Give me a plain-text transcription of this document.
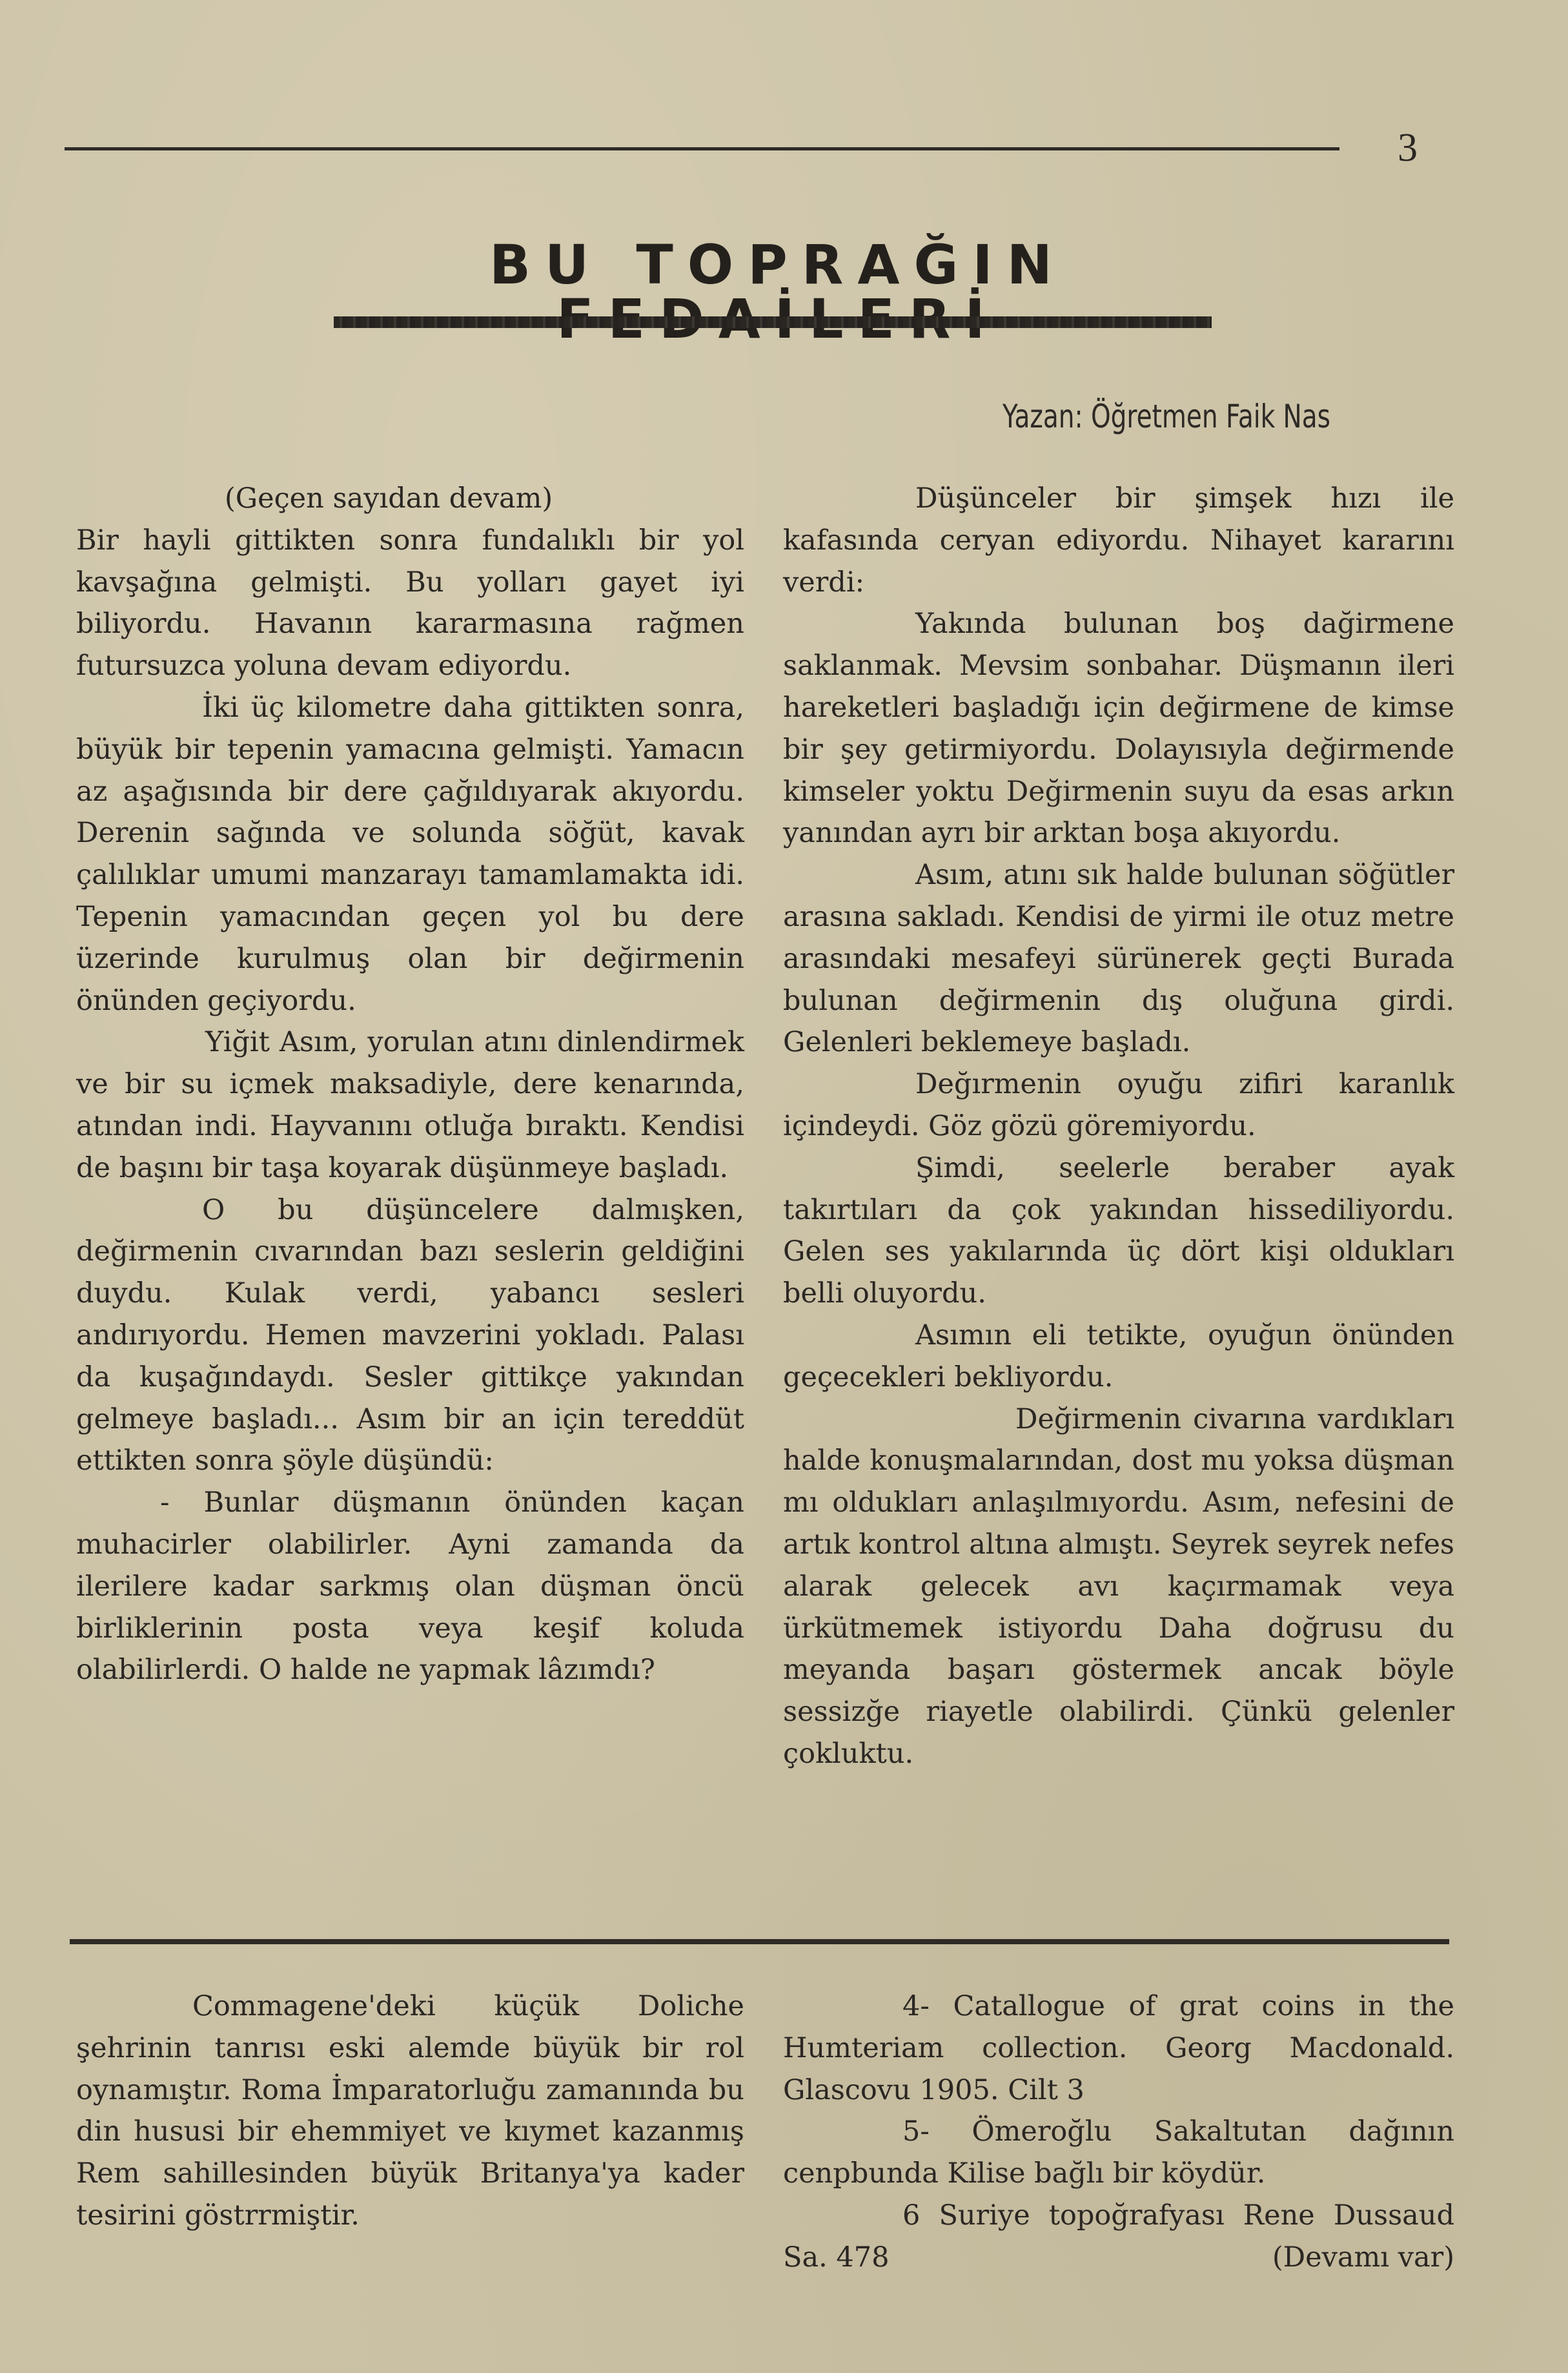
3
BU TOPRAĞIN
Yazan: Öğretmen Faik Nas

(Geçen sayıdan devam)

Bir hayli gittikten sonra fundalıklı bir yol kavşağına gelmişti. Bu yolları gayet iyi biliyordu. Havanın kararmasına rağmen futursuzca yoluna devam ediyordu.

İki üç kilometre daha gittikten sonra, büyük bir tepenin yamacına gelmişti. Yamacın az aşağısında bir dere çağıldıyarak akıyordu. Derenin sağında ve solunda söğüt, kavak çalılıklar umumi manzarayı tamamlamakta idi. Tepenin yamacından geçen yol bu dere üzerinde kurulmuş olan bir değirmenin önünden geçiyordu.

Yiğit Asım, yorulan atını dinlendirmek ve bir su içmek maksadiyle, dere kenarında, atından indi. Hayvanını otluğa bıraktı. Kendisi de başını bir taşa koyarak düşünmeye başladı.

O bu düşüncelere dalmışken, değirmenin cıvarından bazı seslerin geldiğini duydu. Kulak verdi, yabancı sesleri andırıyordu. Hemen mavzerini yokladı. Palası da kuşağındaydı. Sesler gittikçe yakından gelmeye başladı... Asım bir an için tereddüt ettikten sonra şöyle düşündü:

- Bunlar düşmanın önünden kaçan muhacirler olabilirler. Ayni zamanda da ilerilere kadar sarkmış olan düşman öncü birliklerinin posta veya keşif koluda olabilirlerdi. O halde ne yapmak lâzımdı?

Düşünceler bir şimşek hızı ile kafasında ceryan ediyordu. Nihayet kararını verdi:

Yakında bulunan boş dağirmene saklanmak. Mevsim sonbahar. Düşmanın ileri hareketleri başladığı için değirmene de kimse bir şey getirmiyordu. Dolayısıyla değirmende kimseler yoktu Değirmenin suyu da esas arkın yanından ayrı bir arktan boşa akıyordu.

Asım, atını sık halde bulunan söğütler arasına sakladı. Kendisi de yirmi ile otuz metre arasındaki mesafeyi sürünerek geçti Burada bulunan değirmenin dış oluğuna girdi. Gelenleri beklemeye başladı.

Değırmenin oyuğu zifiri karanlık içindeydi. Göz gözü göremiyordu.

Şimdi, seelerle beraber ayak takırtıları da çok yakından hissediliyordu. Gelen ses yakılarında üç dört kişi oldukları belli oluyordu.

Asımın eli tetikte, oyuğun önünden geçecekleri bekliyordu.

Değirmenin civarına vardıkları halde konuşmalarından, dost mu yoksa düşman mı oldukları anlaşılmıyordu. Asım, nefesini de artık kontrol altına almıştı. Seyrek seyrek nefes alarak gelecek avı kaçırmamak veya ürkütmemek istiyordu Daha doğrusu du meyanda başarı göstermek ancak böyle sessizğe riayetle olabilirdi. Çünkü gelenler çokluktu.

Commagene'deki küçük Doliche şehrinin tanrısı eski alemde büyük bir rol oynamıştır. Roma İmparatorluğu zamanında bu din hususi bir ehemmiyet ve kıymet kazanmış Rem sahillesinden büyük Britanya'ya kader tesirini göstrrmiştir.

4- Catallogue of grat coins in the Humteriam collection. Georg Macdonald. Glascovu 1905. Cilt 3

5- Ömeroğlu Sakaltutan dağının cenpbunda Kilise bağlı bir köydür.

6 Suriye topoğrafyası Rene Dussaud Sa. 478	(Devamı var)
